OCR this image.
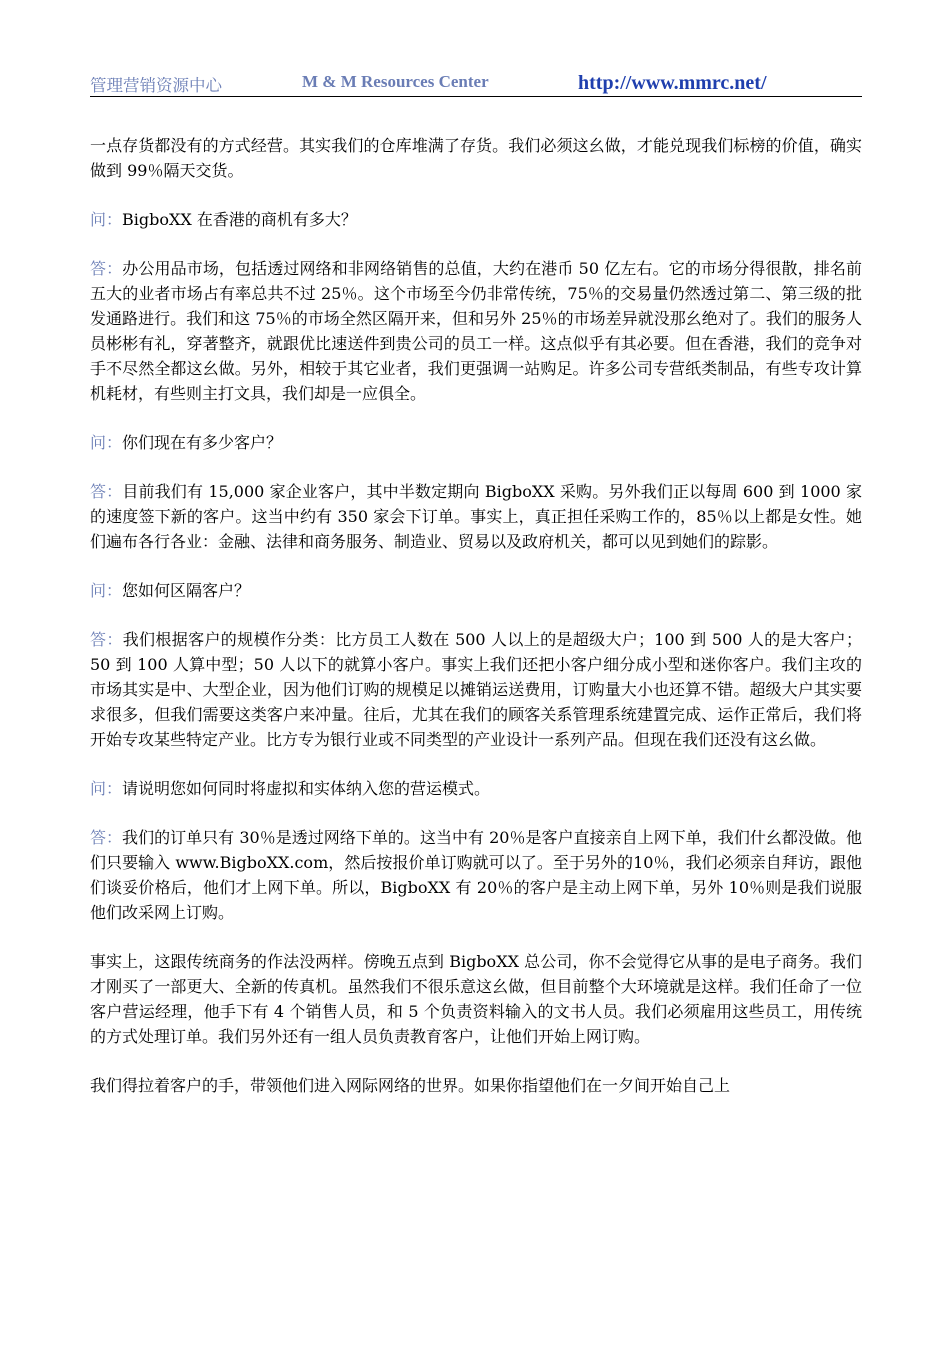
管理营销资源中心	M & M Resources Center	http://www.mmrc.net/

一点存货都没有的方式经营。其实我们的仓库堆满了存货。我们必须这幺做，才能兑现我们标榜的价值，确实做到 99％隔天交货。

问：BigboXX 在香港的商机有多大？

答：办公用品市场，包括透过网络和非网络销售的总值，大约在港币 50 亿左右。它的市场分得很散，排名前五大的业者市场占有率总共不过 25％。这个市场至今仍非常传统，75％的交易量仍然透过第二、第三级的批发通路进行。我们和这 75％的市场全然区隔开来，但和另外 25％的市场差异就没那幺绝对了。我们的服务人员彬彬有礼，穿著整齐，就跟优比速送件到贵公司的员工一样。这点似乎有其必要。但在香港，我们的竞争对手不尽然全都这幺做。另外，相较于其它业者，我们更强调一站购足。许多公司专营纸类制品，有些专攻计算机耗材，有些则主打文具，我们却是一应俱全。

问：你们现在有多少客户？

答：目前我们有 15,000 家企业客户，其中半数定期向 BigboXX 采购。另外我们正以每周 600 到 1000 家的速度签下新的客户。这当中约有 350 家会下订单。事实上，真正担任采购工作的，85％以上都是女性。她们遍布各行各业：金融、法律和商务服务、制造业、贸易以及政府机关，都可以见到她们的踪影。

问：您如何区隔客户？

答：我们根据客户的规模作分类：比方员工人数在 500 人以上的是超级大户；100 到 500 人的是大客户；50 到 100 人算中型；50 人以下的就算小客户。事实上我们还把小客户细分成小型和迷你客户。我们主攻的市场其实是中、大型企业，因为他们订购的规模足以摊销运送费用，订购量大小也还算不错。超级大户其实要求很多，但我们需要这类客户来冲量。往后，尤其在我们的顾客关系管理系统建置完成、运作正常后，我们将开始专攻某些特定产业。比方专为银行业或不同类型的产业设计一系列产品。但现在我们还没有这幺做。

问：请说明您如何同时将虚拟和实体纳入您的营运模式。

答：我们的订单只有 30％是透过网络下单的。这当中有 20％是客户直接亲自上网下单，我们什幺都没做。他们只要输入 www.BigboXX.com，然后按报价单订购就可以了。至于另外的10％，我们必须亲自拜访，跟他们谈妥价格后，他们才上网下单。所以，BigboXX 有 20％的客户是主动上网下单，另外 10％则是我们说服他们改采网上订购。

事实上，这跟传统商务的作法没两样。傍晚五点到 BigboXX 总公司，你不会觉得它从事的是电子商务。我们才刚买了一部更大、全新的传真机。虽然我们不很乐意这幺做，但目前整个大环境就是这样。我们任命了一位客户营运经理，他手下有 4 个销售人员，和 5 个负责资料输入的文书人员。我们必须雇用这些员工，用传统的方式处理订单。我们另外还有一组人员负责教育客户，让他们开始上网订购。

我们得拉着客户的手，带领他们进入网际网络的世界。如果你指望他们在一夕间开始自己上
